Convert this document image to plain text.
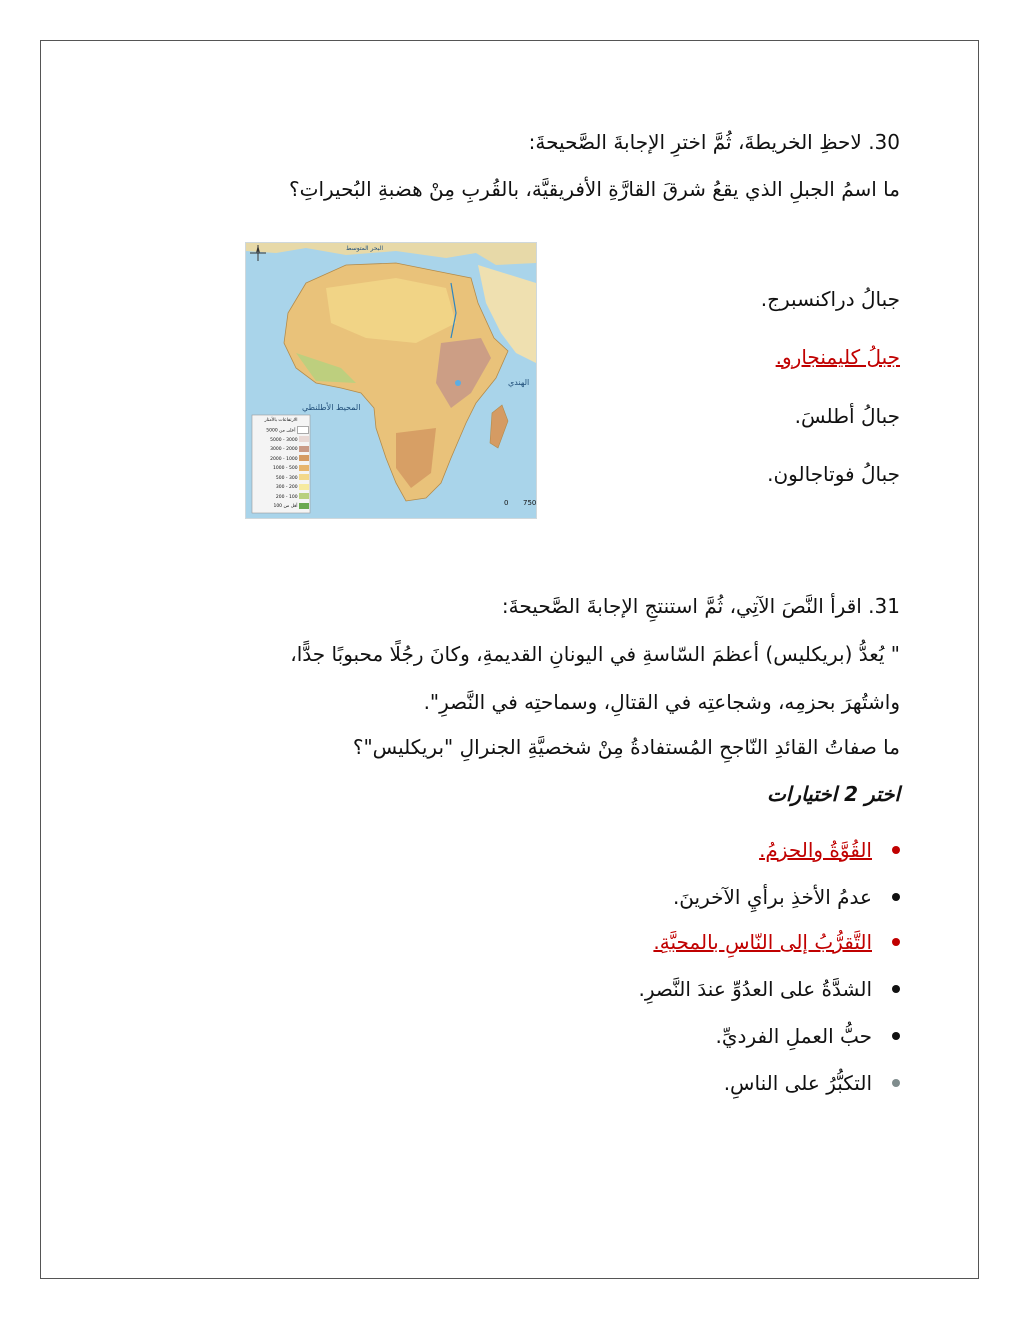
30. لاحظِ الخريطةَ، ثُمَّ اخترِ الإجابةَ الصَّحيحةَ:
ما اسمُ الجبلِ الذي يقعُ شرقَ القارَّةِ الأفريقيَّة، بالقُربِ مِنْ هضبةِ البُحيراتِ؟
جبالُ دراكنسبرج.
جبلُ كليمنجارو.
جبالُ أطلسَ.
جبالُ فوتاجالون.
المحيط الأطلنطي
الهندي
البحر المتوسط
0 750
الارتفاعات بالأمتار
أعلى من 5000
3000 - 5000
2000 - 3000
1000 - 2000
500 - 1000
300 - 500
200 - 300
100 - 200
أقل من 100
31. اقرأ النَّصَ الآتِي، ثُمَّ استنتجِ الإجابةَ الصَّحيحةَ:
" يُعدُّ (بريكليس) أعظمَ السّاسةِ في اليونانِ القديمةِ، وكانَ رجُلًا محبوبًا جدًّا،
واشتُهرَ بحزمِه، وشجاعتِه في القتالِ، وسماحتِه في النَّصرِ".
ما صفاتُ القائدِ النّاجحِ المُستفادةُ مِنْ شخصيَّةِ الجنرالِ "بريكليس"؟
اختر 2 اختيارات
القُوَّةُ والحزمُ.
عدمُ الأخذِ برأيِ الآخرينَ.
التَّقرُّبُ إلى النّاسِ بالمحبَّةِ.
الشدَّةُ على العدُوِّ عندَ النَّصرِ.
حبُّ العملِ الفرديِّ.
التكبُّرُ على الناسِ.
